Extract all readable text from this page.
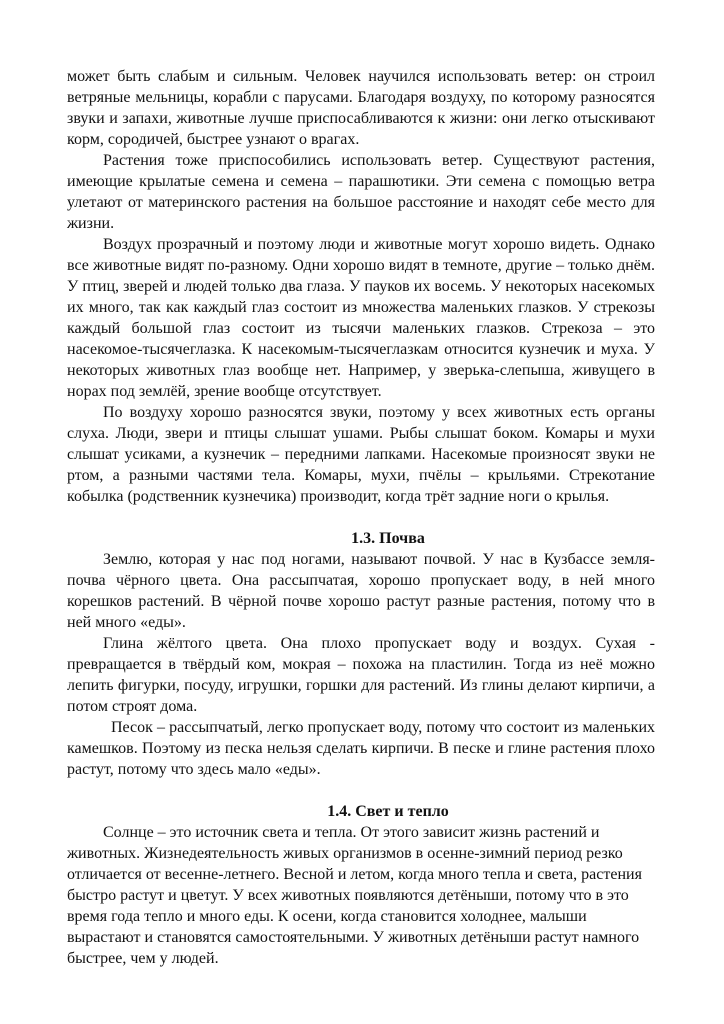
может быть слабым и сильным. Человек научился использовать ветер: он строил ветряные мельницы, корабли с парусами. Благодаря воздуху, по которому разносятся звуки и запахи, животные лучше приспосабливаются к жизни: они легко отыскивают корм, сородичей, быстрее узнают о врагах.

Растения тоже приспособились использовать ветер. Существуют растения, имеющие крылатые семена и семена – парашютики. Эти семена с помощью ветра улетают от материнского растения на большое расстояние и находят себе место для жизни.

Воздух прозрачный и поэтому люди и животные могут хорошо видеть. Однако все животные видят по-разному. Одни хорошо видят в темноте, другие – только днём. У птиц, зверей и людей только два глаза. У пауков их восемь. У некоторых насекомых их много, так как каждый глаз состоит из множества маленьких глазков. У стрекозы каждый большой глаз состоит из тысячи маленьких глазков. Стрекоза – это насекомое-тысячеглазка. К насекомым-тысячеглазкам относится кузнечик и муха. У некоторых животных глаз вообще нет. Например, у зверька-слепыша, живущего в норах под землёй, зрение вообще отсутствует.

По воздуху хорошо разносятся звуки, поэтому у всех животных есть органы слуха. Люди, звери и птицы слышат ушами. Рыбы слышат боком. Комары и мухи слышат усиками, а кузнечик – передними лапками. Насекомые произносят звуки не ртом, а разными частями тела. Комары, мухи, пчёлы – крыльями. Стрекотание кобылка (родственник кузнечика) производит, когда трёт задние ноги о крылья.

1.3. Почва

Землю, которая у нас под ногами, называют почвой. У нас в Кузбассе земля-почва чёрного цвета. Она рассыпчатая, хорошо пропускает воду, в ней много корешков растений. В чёрной почве хорошо растут разные растения, потому что в ней много «еды».

Глина жёлтого цвета. Она плохо пропускает воду и воздух. Сухая - превращается в твёрдый ком, мокрая – похожа на пластилин. Тогда из неё можно лепить фигурки, посуду, игрушки, горшки для растений. Из глины делают кирпичи, а потом строят дома.

Песок – рассыпчатый, легко пропускает воду, потому что состоит из маленьких камешков. Поэтому из песка нельзя сделать кирпичи. В песке и глине растения плохо растут, потому что здесь мало «еды».

1.4. Свет и тепло

Солнце – это источник света и тепла. От этого зависит жизнь растений и животных. Жизнедеятельность живых организмов в осенне-зимний период резко отличается от весенне-летнего. Весной и летом, когда много тепла и света, растения быстро растут и цветут. У всех животных появляются детёныши, потому что в это время года тепло и много еды. К осени, когда становится холоднее, малыши вырастают и становятся самостоятельными. У животных детёныши растут намного быстрее, чем у людей.
